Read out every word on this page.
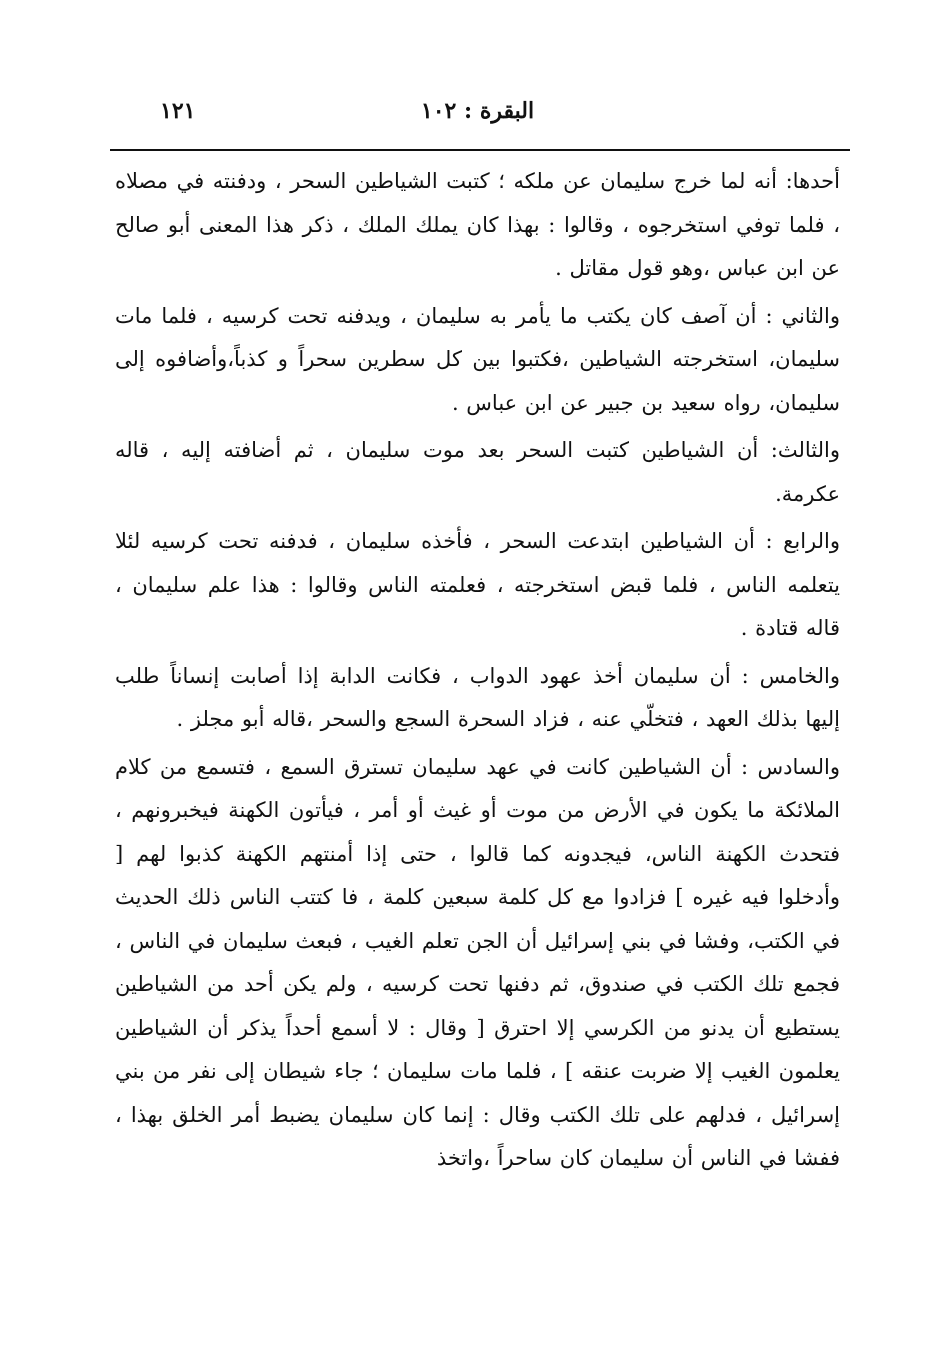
البقرة : ١٠٢
١٢١

أحدها: أنه لما خرج سليمان عن ملكه ؛ كتبت الشياطين السحر ، ودفنته في مصلاه ، فلما توفي استخرجوه ، وقالوا : بهذا كان يملك الملك ، ذكر هذا المعنى أبو صالح عن ابن عباس ،وهو قول مقاتل .

والثاني : أن آصف كان يكتب ما يأمر به سليمان ، ويدفنه تحت كرسيه ، فلما مات سليمان، استخرجته الشياطين ،فكتبوا بين كل سطرين سحراً و كذباً،وأضافوه إلى سليمان، رواه سعيد بن جبير عن ابن عباس .

والثالث: أن الشياطين كتبت السحر بعد موت سليمان ، ثم أضافته إليه ، قاله عكرمة.

والرابع : أن الشياطين ابتدعت السحر ، فأخذه سليمان ، فدفنه تحت كرسيه لئلا يتعلمه الناس ، فلما قبض استخرجته ، فعلمته الناس وقالوا : هذا علم سليمان ، قاله قتادة .

والخامس : أن سليمان أخذ عهود الدواب ، فكانت الدابة إذا أصابت إنساناً طلب إليها بذلك العهد ، فتخلّي عنه ، فزاد السحرة السجع والسحر ،قاله أبو مجلز .

والسادس : أن الشياطين كانت في عهد سليمان تسترق السمع ، فتسمع من كلام الملائكة ما يكون في الأرض من موت أو غيث أو أمر ، فيأتون الكهنة فيخبرونهم ، فتحدث الكهنة الناس، فيجدونه كما قالوا ، حتى إذا أمنتهم الكهنة كذبوا لهم [ وأدخلوا فيه غيره ] فزادوا مع كل كلمة سبعين كلمة ، فا كتتب الناس ذلك الحديث في الكتب، وفشا في بني إسرائيل أن الجن تعلم الغيب ، فبعث سليمان في الناس ، فجمع تلك الكتب في صندوق، ثم دفنها تحت كرسيه ، ولم يكن أحد من الشياطين يستطيع أن يدنو من الكرسي إلا احترق [ وقال : لا أسمع أحداً يذكر أن الشياطين يعلمون الغيب إلا ضربت عنقه ] ، فلما مات سليمان ؛ جاء شيطان إلى نفر من بني إسرائيل ، فدلهم على تلك الكتب وقال : إنما كان سليمان يضبط أمر الخلق بهذا ، ففشا في الناس أن سليمان كان ساحراً ،واتخذ
